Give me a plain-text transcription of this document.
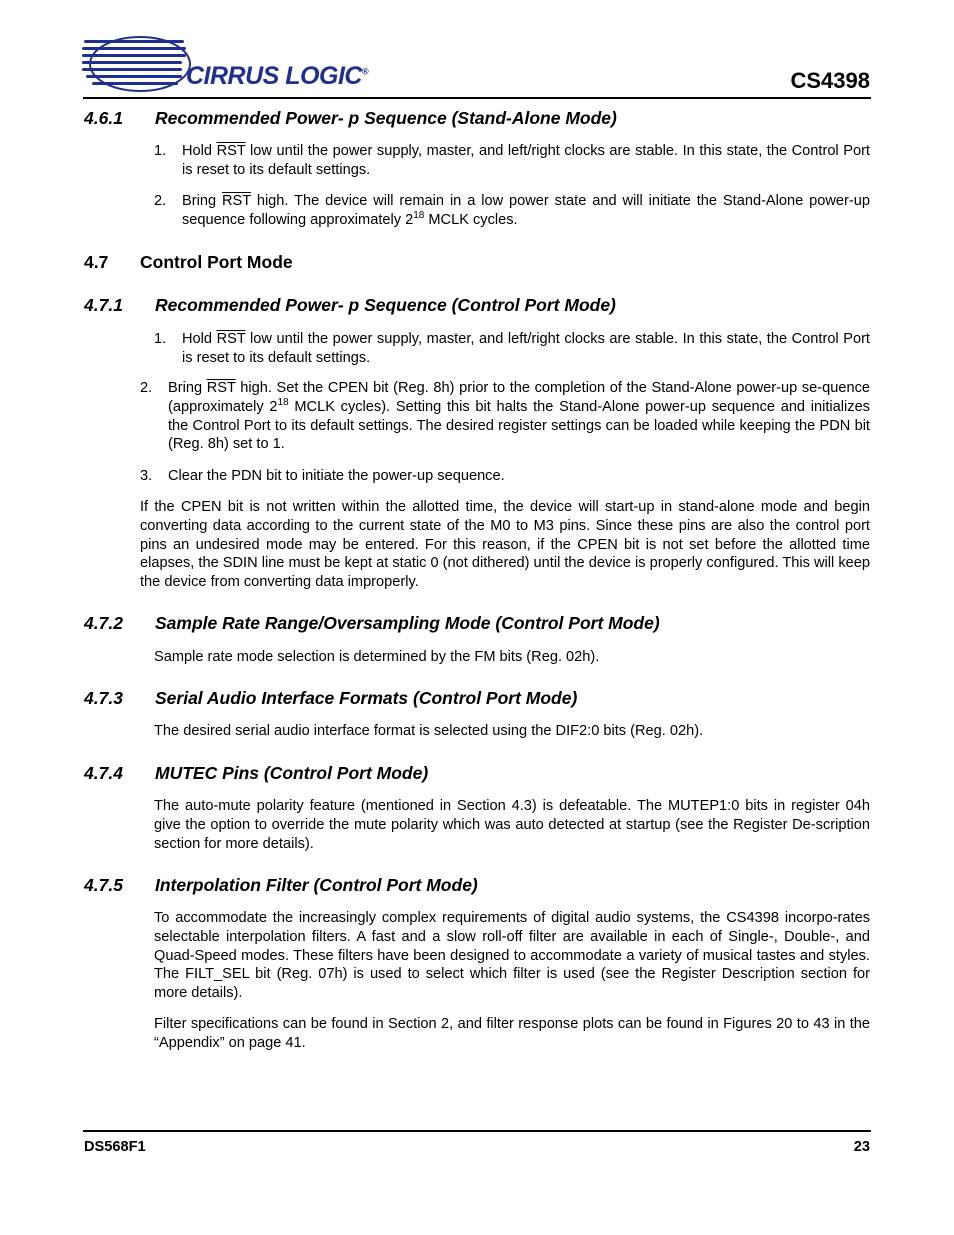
CIRRUS LOGIC®	CS4398
4.6.1 Recommended Power- p Sequence (Stand-Alone Mode)
1. Hold $\overline{RST}$ low until the power supply, master, and left/right clocks are stable. In this state, the Control Port is reset to its default settings.
2. Bring $\overline{RST}$ high. The device will remain in a low power state and will initiate the Stand-Alone power-up sequence following approximately $2^{18}$ MCLK cycles.
4.7 Control Port Mode
4.7.1 Recommended Power- p Sequence (Control Port Mode)
1. Hold $\overline{RST}$ low until the power supply, master, and left/right clocks are stable. In this state, the Control Port is reset to its default settings.
2. Bring $\overline{RST}$ high. Set the CPEN bit (Reg. 8h) prior to the completion of the Stand-Alone power-up se-quence (approximately $2^{18}$ MCLK cycles). Setting this bit halts the Stand-Alone power-up sequence and initializes the Control Port to its default settings. The desired register settings can be loaded while keeping the PDN bit (Reg. 8h) set to 1.
3. Clear the PDN bit to initiate the power-up sequence.
If the CPEN bit is not written within the allotted time, the device will start-up in stand-alone mode and begin converting data according to the current state of the M0 to M3 pins. Since these pins are also the control port pins an undesired mode may be entered. For this reason, if the CPEN bit is not set before the allotted time elapses, the SDIN line must be kept at static 0 (not dithered) until the device is properly configured. This will keep the device from converting data improperly.
4.7.2 Sample Rate Range/Oversampling Mode (Control Port Mode)
Sample rate mode selection is determined by the FM bits (Reg. 02h).
4.7.3 Serial Audio Interface Formats (Control Port Mode)
The desired serial audio interface format is selected using the DIF2:0 bits (Reg. 02h).
4.7.4 MUTEC Pins (Control Port Mode)
The auto-mute polarity feature (mentioned in Section 4.3) is defeatable. The MUTEP1:0 bits in register 04h give the option to override the mute polarity which was auto detected at startup (see the Register De-scription section for more details).
4.7.5 Interpolation Filter (Control Port Mode)
To accommodate the increasingly complex requirements of digital audio systems, the CS4398 incorpo-rates selectable interpolation filters. A fast and a slow roll-off filter are available in each of Single-, Double-, and Quad-Speed modes. These filters have been designed to accommodate a variety of musical tastes and styles. The FILT_SEL bit (Reg. 07h) is used to select which filter is used (see the Register Description section for more details).
Filter specifications can be found in Section 2, and filter response plots can be found in Figures 20 to 43 in the “Appendix” on page 41.
DS568F1	23
